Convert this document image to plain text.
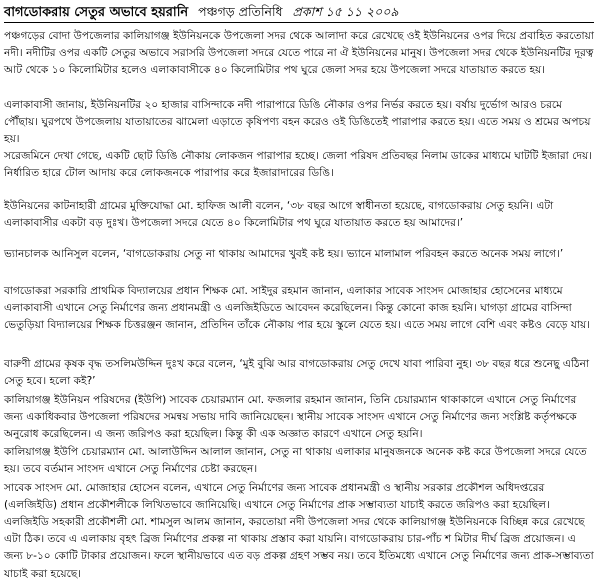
বাগডোকরায় সেতুর অভাবে হয়রানি পঞ্চগড় প্রতিনিধি প্রকাশ ১৫ ১১ ২০০৯

পঞ্চগড়ের বোদা উপজেলার কালিয়াগঞ্জ ইউনিয়নকে উপজেলা সদর থেকে আলাদা করে রেখেছে ওই ইউনিয়নের ওপর দিয়ে প্রবাহিত করতোয়া নদী। নদীটির ওপর একটি সেতুর অভাবে সরাসরি উপজেলা সদরে যেতে পারে না ঐ ইউনিয়নের মানুষ। উপজেলা সদর থেকে ইউনিয়নটির দূরত্ব আট থেকে ১০ কিলোমিটার হলেও এলাকাবাসীকে ৪০ কিলোমিটার পথ ঘুরে জেলা সদর হয়ে উপজেলা সদরে যাতায়াত করতে হয়।

এলাকাবাসী জানায়, ইউনিয়নটির ২০ হাজার বাসিন্দাকে নদী পারাপারে ডিঙি নৌকার ওপর নির্ভর করতে হয়। বর্ষায় দুর্ভোগ আরও চরমে পৌঁছায়। ঘুরপথে উপজেলায় যাতায়াতের ঝামেলা এড়াতে কৃষিপণ্য বহন করেও ওই ডিঙিতেই পারাপার করতে হয়। এতে সময় ও শ্রমের অপচয় হয়।

সরেজমিনে দেখা গেছে, একটি ছোট ডিঙি নৌকায় লোকজন পারাপার হচ্ছে। জেলা পরিষদ প্রতিবছর নিলাম ডাকের মাধ্যমে ঘাটটি ইজারা দেয়। নির্ধারিত হারে টোল আদায় করে লোকজনকে পারাপার করে ইজারাদারের ডিঙি।

ইউনিয়নের কাটনাহারী গ্রামের মুক্তিযোদ্ধা মো. হাফিজ আলী বলেন, ‘৩৮ বছর আগে স্বাধীনতা হয়েছে, বাগডোকরায় সেতু হয়নি। এটা এলাকাবাসীর একটা বড় দুঃখ। উপজেলা সদরে যেতে ৪০ কিলোমিটার পথ ঘুরে যাতায়াত করতে হয় আমাদের।’

ভ্যানচালক আনিসুল বলেন, ‘বাগডোকরায় সেতু না থাকায় আমাদের খুবই কষ্ট হয়। ভ্যানে মালামাল পরিবহন করতে অনেক সময় লাগে।’

বাগডোকরা সরকারি প্রাথমিক বিদ্যালয়ের প্রধান শিক্ষক মো. সাইদুর রহমান জানান, এলাকার সাবেক সাংসদ মোজাহার হোসেনের মাধ্যমে এলাকাবাসী এখানে সেতু নির্মাণের জন্য প্রধানমন্ত্রী ও এলজিইডিতে আবেদন করেছিলেন। কিন্তু কোনো কাজ হয়নি। ঘাগড়া গ্রামের বাসিন্দা ভেতুড়িয়া বিদ্যালয়ের শিক্ষক চিত্তরঞ্জন জানান, প্রতিদিন তাঁকে নৌকায় পার হয়ে স্কুলে যেতে হয়। এতে সময় লাগে বেশি এবং কষ্টও বেড়ে যায়।

বারুণী গ্রামের কৃষক বৃদ্ধ তসলিমউদ্দিন দুঃখ করে বলেন, ‘মুই বুঝি আর বাগডোকরায় সেতু দেখে যাবা পারিবা নুহ। ৩৮ বছর ধরে শুনেছু এঠিনা সেতু হবে। হলো কই?’

কালিয়াগঞ্জ ইউনিয়ন পরিষদের (ইউপি) সাবেক চেয়ারম্যান মো. ফজলার রহমান জানান, তিনি চেয়ারম্যান থাকাকালে এখানে সেতু নির্মাণের জন্য একাধিকবার উপজেলা পরিষদের সমন্বয় সভায় দাবি জানিয়েছেন। স্থানীয় সাবেক সাংসদ এখানে সেতু নির্মাণের জন্য সংশ্লিষ্ট কর্তৃপক্ষকে অনুরোধ করেছিলেন। এ জন্য জরিপও করা হয়েছিল। কিন্তু কী এক অজ্ঞাত কারণে এখানে সেতু হয়নি।

কালিয়াগঞ্জ ইউপি চেয়ারম্যান মো. আলাউদ্দিন আলাল জানান, সেতু না থাকায় এলাকার মানুষজনকে অনেক কষ্ট করে উপজেলা সদরে যেতে হয়। তবে বর্তমান সাংসদ এখানে সেতু নির্মাণের চেষ্টা করছেন।

সাবেক সাংসদ মো. মোজাহার হোসেন বলেন, এখানে সেতু নির্মাণের জন্য সাবেক প্রধানমন্ত্রী ও স্থানীয় সরকার প্রকৌশল অধিদপ্তরের (এলজিইডি) প্রধান প্রকৌশলীকে লিখিতভাবে জানিয়েছি। এখানে সেতু নির্মাণের প্রাক সম্ভাব্যতা যাচাই করতে জরিপও করা হয়েছিল।

এলজিইডি সহকারী প্রকৌশলী মো. শামসুল আলম জানান, করতোয়া নদী উপজেলা সদর থেকে কালিয়াগঞ্জ ইউনিয়নকে বিচ্ছিন্ন করে রেখেছে এটা ঠিক। তবে এ এলাকায় বৃহৎ ব্রিজ নির্মাণের প্রকল্প না থাকায় প্রস্তাব করা যায়নি। বাগডোকরায় চার-পাঁচ শ মিটার দীর্ঘ ব্রিজ প্রয়োজন। এ জন্য ৮-১০ কোটি টাকার প্রয়োজন। ফলে স্থানীয়ভাবে এত বড় প্রকল্প গ্রহণ সম্ভব নয়। তবে ইতিমধ্যে এখানে সেতু নির্মাণের জন্য প্রাক-সম্ভাব্যতা যাচাই করা হয়েছে।
